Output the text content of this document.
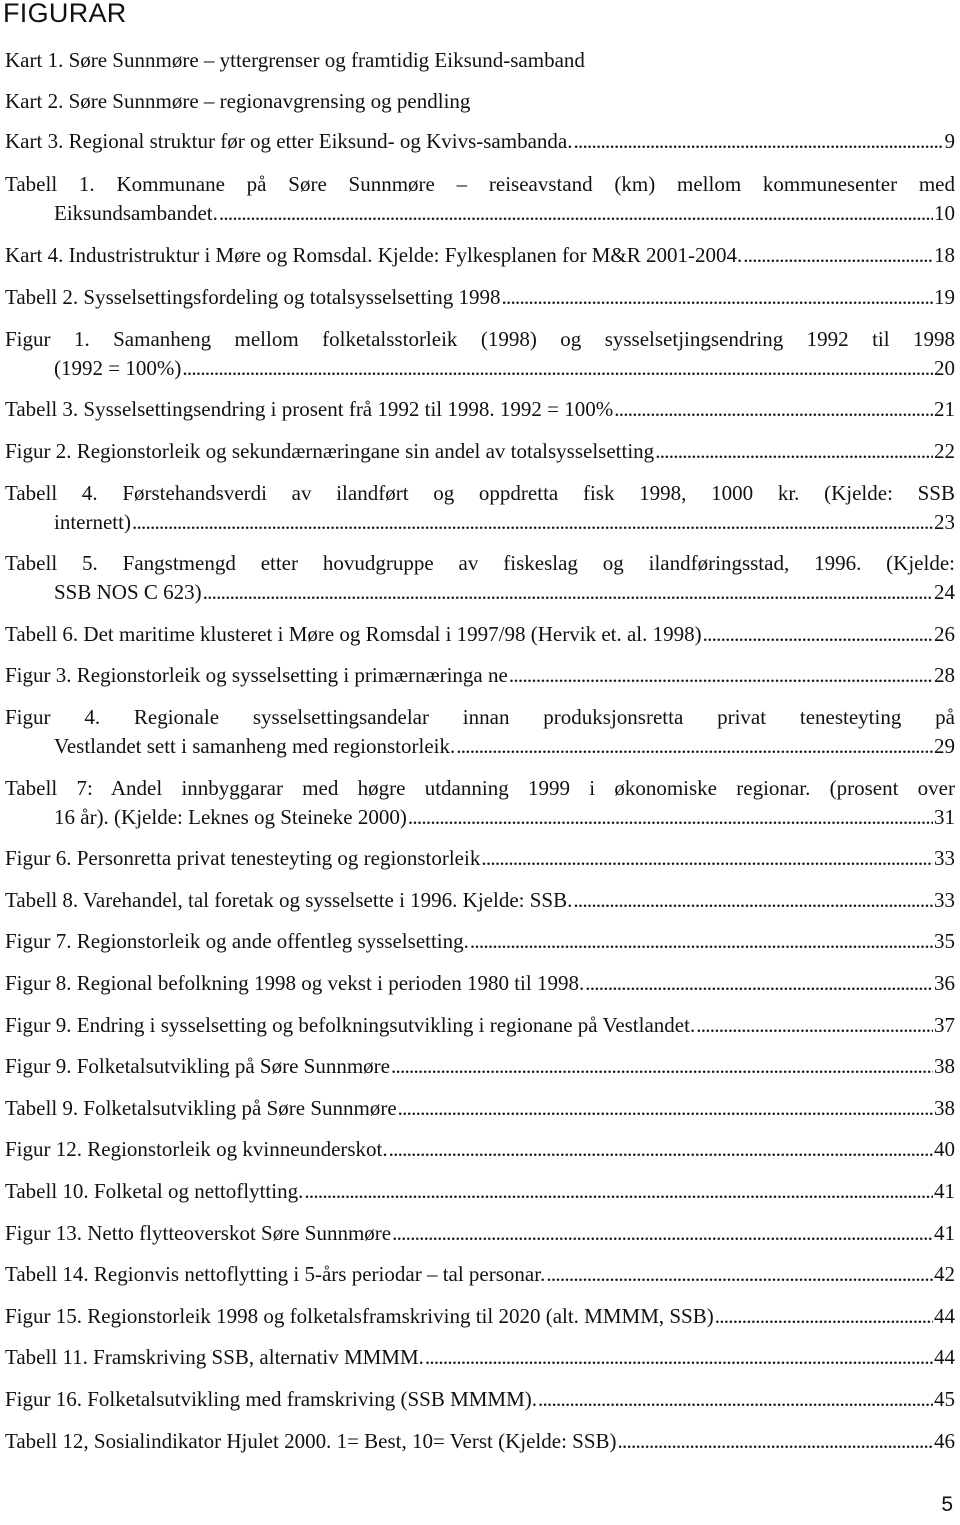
FIGURAR
Kart 1. Søre Sunnmøre – yttergrenser og framtidig Eiksund-samband
Kart 2. Søre Sunnmøre – regionavgrensing og pendling
Kart 3. Regional struktur før og etter Eiksund- og Kvivs-sambanda. . . .	9
Tabell 1. Kommunane på Søre Sunnmøre – reiseavstand (km) mellom kommunesenter med
Eiksundsambandet. . . .	10
Kart 4. Industristruktur i Møre og Romsdal. Kjelde: Fylkesplanen for M&R 2001-2004. . . .	18
Tabell 2. Sysselsettingsfordeling og totalsysselsetting 1998 . . .	19
Figur 1. Samanheng mellom folketalsstorleik (1998) og sysselsetjingsendring 1992 til 1998
(1992 = 100%) . . .	20
Tabell 3. Sysselsettingsendring i prosent frå 1992 til 1998. 1992 = 100% . . .	21
Figur 2. Regionstorleik og sekundærnæringane sin andel av totalsysselsetting . . .	22
Tabell 4. Førstehandsverdi av ilandført og oppdretta fisk 1998, 1000 kr. (Kjelde: SSB
internett) . . .	23
Tabell 5. Fangstmengd etter hovudgruppe av fiskeslag og ilandføringsstad, 1996. (Kjelde:
SSB NOS C 623) . . .	24
Tabell 6. Det maritime klusteret i Møre og Romsdal i 1997/98 (Hervik et. al. 1998) . . .	26
Figur 3. Regionstorleik og sysselsetting i primærnæringa ne . . .	28
Figur 4. Regionale sysselsettingsandelar innan produksjonsretta privat tenesteyting på
Vestlandet sett i samanheng med regionstorleik. . . .	29
Tabell 7: Andel innbyggarar med høgre utdanning 1999 i økonomiske regionar. (prosent over
16 år). (Kjelde: Leknes og Steineke 2000) . . .	31
Figur 6. Personretta privat tenesteyting og regionstorleik . . .	33
Tabell 8. Varehandel, tal foretak og sysselsette i 1996. Kjelde: SSB. . . .	33
Figur 7. Regionstorleik og ande offentleg sysselsetting. . . .	35
Figur 8. Regional befolkning 1998 og vekst i perioden 1980 til 1998. . . .	36
Figur 9. Endring i sysselsetting og befolkningsutvikling i regionane på Vestlandet. . . .	37
Figur 9. Folketalsutvikling på Søre Sunnmøre . . .	38
Tabell 9. Folketalsutvikling på Søre Sunnmøre . . .	38
Figur 12. Regionstorleik og kvinneunderskot. . . .	40
Tabell 10. Folketal og nettoflytting. . . .	41
Figur 13. Netto flytteoverskot Søre Sunnmøre . . .	41
Tabell 14. Regionvis nettoflytting i 5-års periodar – tal personar. . . .	42
Figur 15. Regionstorleik 1998 og folketalsframskriving til 2020 (alt. MMMM, SSB) . . .	44
Tabell 11. Framskriving SSB, alternativ MMMM. . . .	44
Figur 16. Folketalsutvikling med framskriving (SSB MMMM). . . .	45
Tabell 12, Sosialindikator Hjulet 2000. 1= Best, 10= Verst (Kjelde: SSB) . . .	46
5
